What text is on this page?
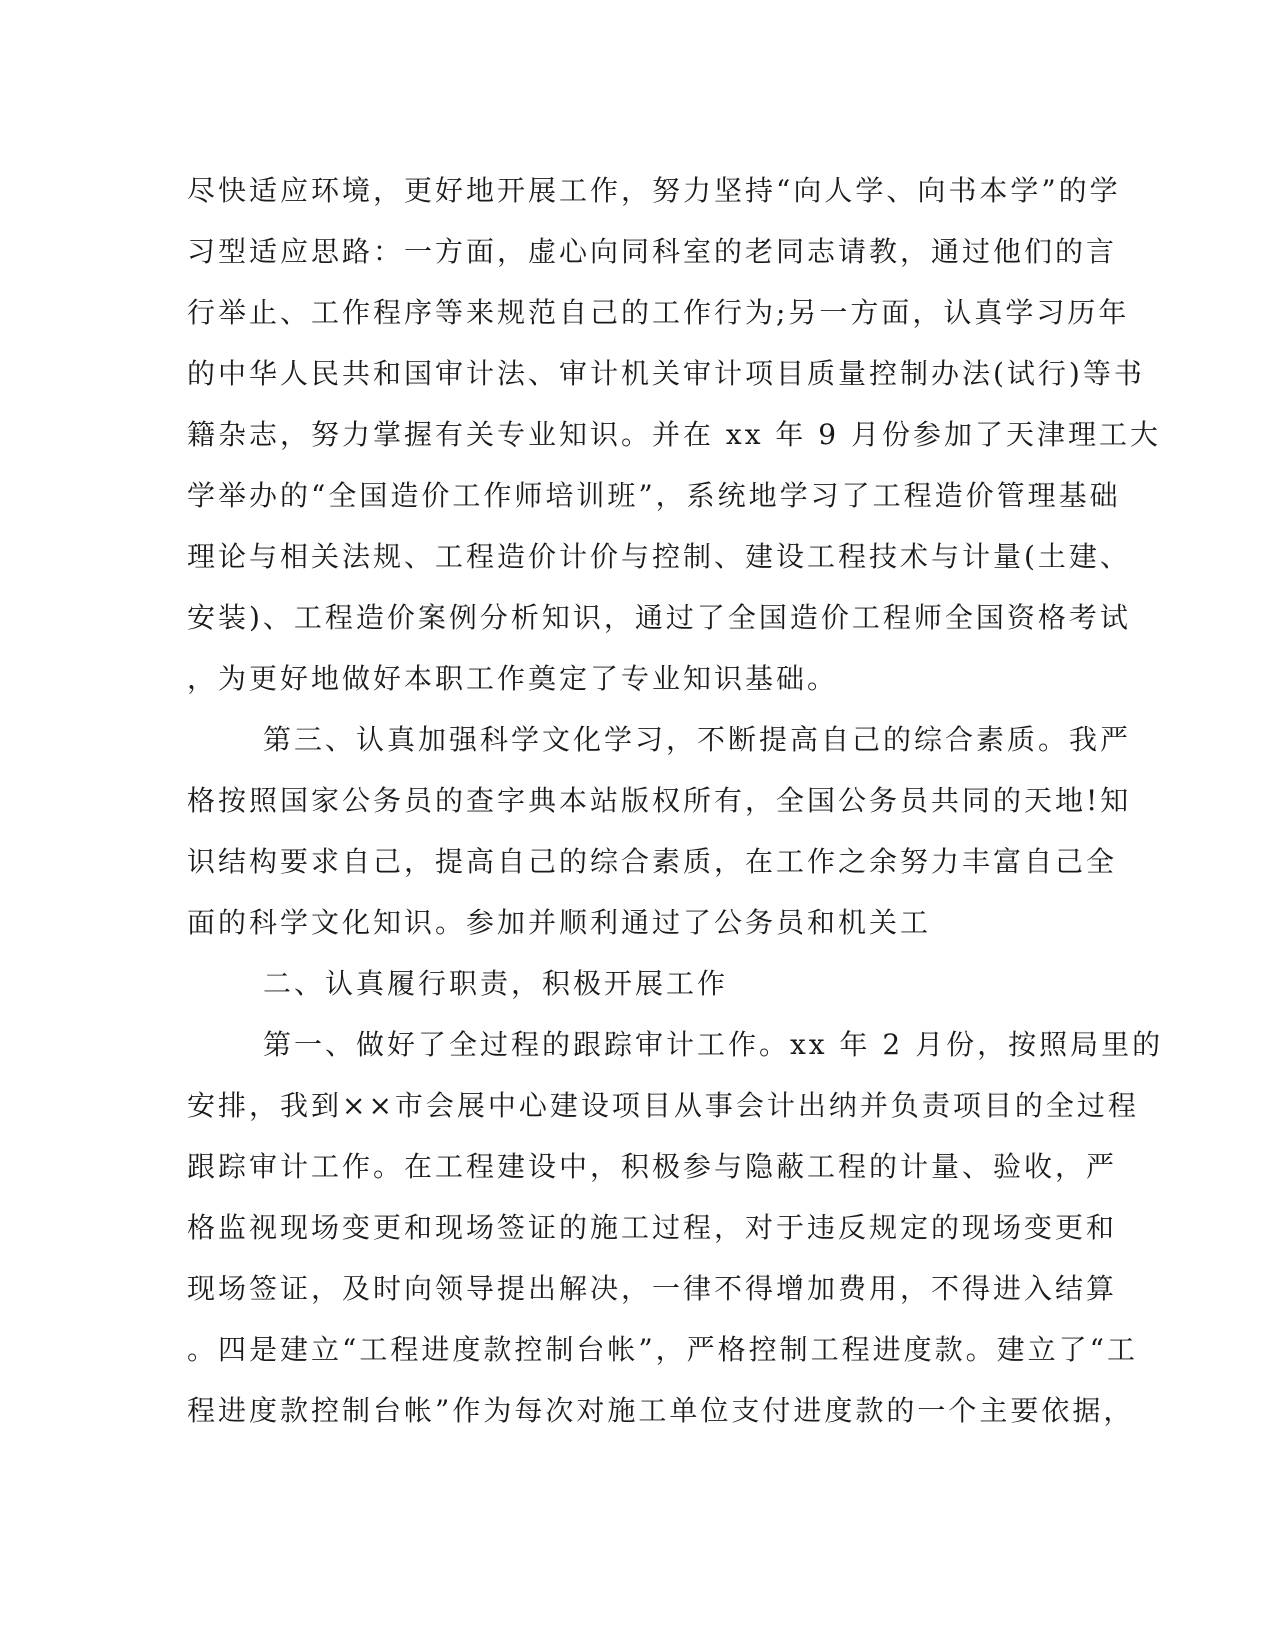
尽快适应环境，更好地开展工作，努力坚持“向人学、向书本学”的学
习型适应思路：一方面，虚心向同科室的老同志请教，通过他们的言
行举止、工作程序等来规范自己的工作行为;另一方面，认真学习历年
的中华人民共和国审计法、审计机关审计项目质量控制办法(试行)等书
籍杂志，努力掌握有关专业知识。并在 xx 年 9 月份参加了天津理工大
学举办的“全国造价工作师培训班”，系统地学习了工程造价管理基础
理论与相关法规、工程造价计价与控制、建设工程技术与计量(土建、
安装)、工程造价案例分析知识，通过了全国造价工程师全国资格考试
，为更好地做好本职工作奠定了专业知识基础。
第三、认真加强科学文化学习，不断提高自己的综合素质。我严
格按照国家公务员的查字典本站版权所有，全国公务员共同的天地!知
识结构要求自己，提高自己的综合素质，在工作之余努力丰富自己全
面的科学文化知识。参加并顺利通过了公务员和机关工
二、认真履行职责，积极开展工作
第一、做好了全过程的跟踪审计工作。xx 年 2 月份，按照局里的
安排，我到××市会展中心建设项目从事会计出纳并负责项目的全过程
跟踪审计工作。在工程建设中，积极参与隐蔽工程的计量、验收，严
格监视现场变更和现场签证的施工过程，对于违反规定的现场变更和
现场签证，及时向领导提出解决，一律不得增加费用，不得进入结算
。四是建立“工程进度款控制台帐”，严格控制工程进度款。建立了“工
程进度款控制台帐”作为每次对施工单位支付进度款的一个主要依据，
